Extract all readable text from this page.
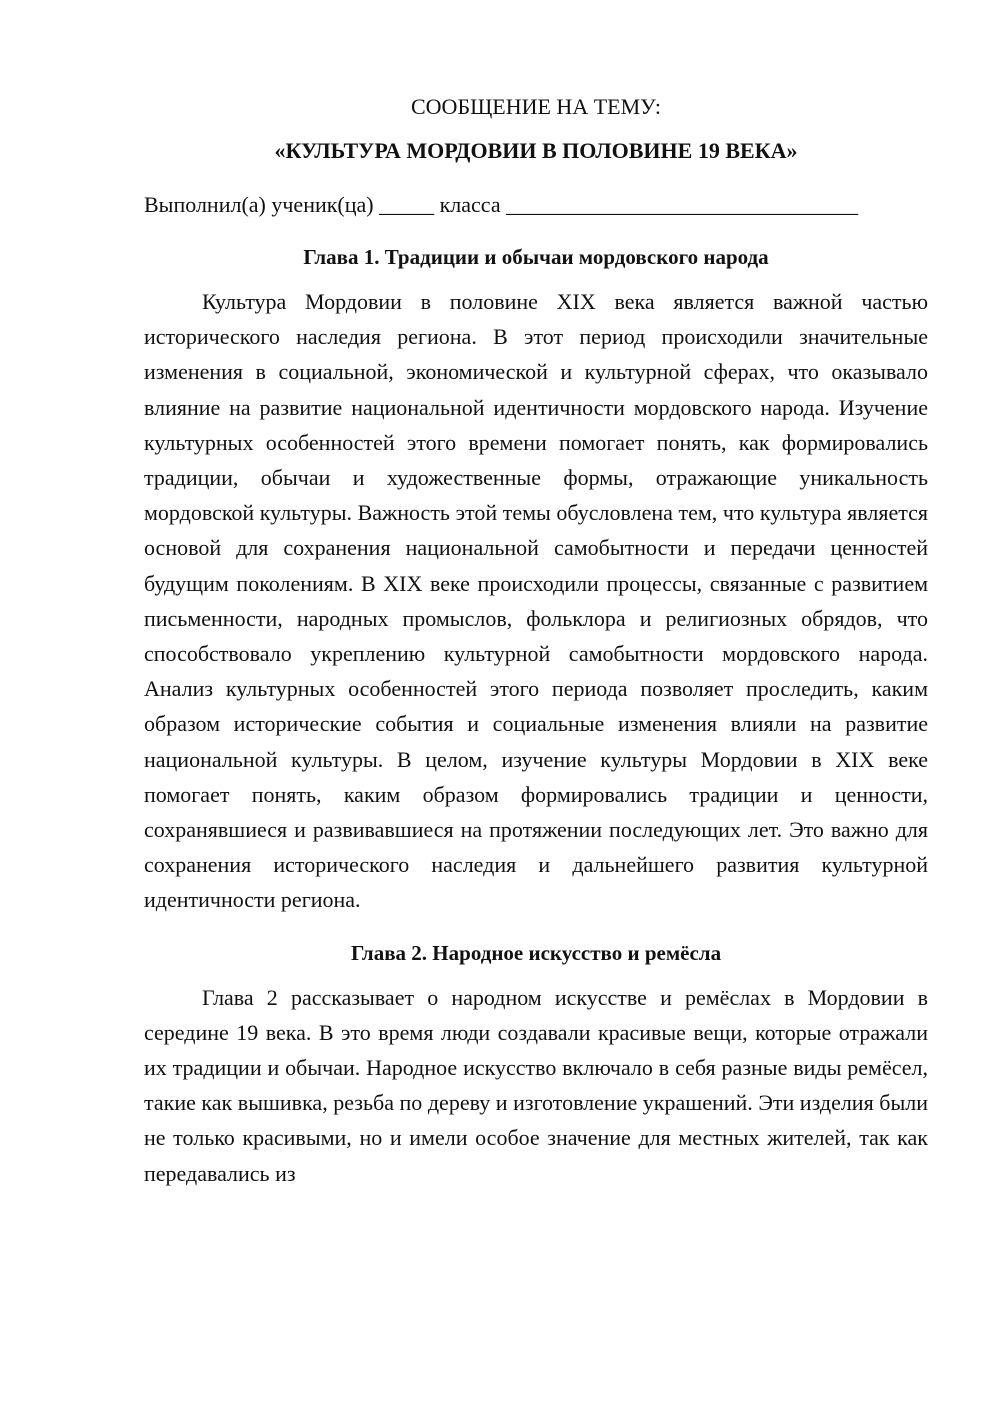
СООБЩЕНИЕ НА ТЕМУ:
«КУЛЬТУРА МОРДОВИИ В ПОЛОВИНЕ 19 ВЕКА»
Выполнил(а) ученик(ца) _____ класса ________________________________
Глава 1. Традиции и обычаи мордовского народа

Культура Мордовии в половине XIX века является важной частью исторического наследия региона. В этот период происходили значительные изменения в социальной, экономической и культурной сферах, что оказывало влияние на развитие национальной идентичности мордовского народа. Изучение культурных особенностей этого времени помогает понять, как формировались традиции, обычаи и художественные формы, отражающие уникальность мордовской культуры. Важность этой темы обусловлена тем, что культура является основой для сохранения национальной самобытности и передачи ценностей будущим поколениям. В XIX веке происходили процессы, связанные с развитием письменности, народных промыслов, фольклора и религиозных обрядов, что способствовало укреплению культурной самобытности мордовского народа. Анализ культурных особенностей этого периода позволяет проследить, каким образом исторические события и социальные изменения влияли на развитие национальной культуры. В целом, изучение культуры Мордовии в XIX веке помогает понять, каким образом формировались традиции и ценности, сохранявшиеся и развивавшиеся на протяжении последующих лет. Это важно для сохранения исторического наследия и дальнейшего развития культурной идентичности региона.

Глава 2. Народное искусство и ремёсла

Глава 2 рассказывает о народном искусстве и ремёслах в Мордовии в середине 19 века. В это время люди создавали красивые вещи, которые отражали их традиции и обычаи. Народное искусство включало в себя разные виды ремёсел, такие как вышивка, резьба по дереву и изготовление украшений. Эти изделия были не только красивыми, но и имели особое значение для местных жителей, так как передавались из
